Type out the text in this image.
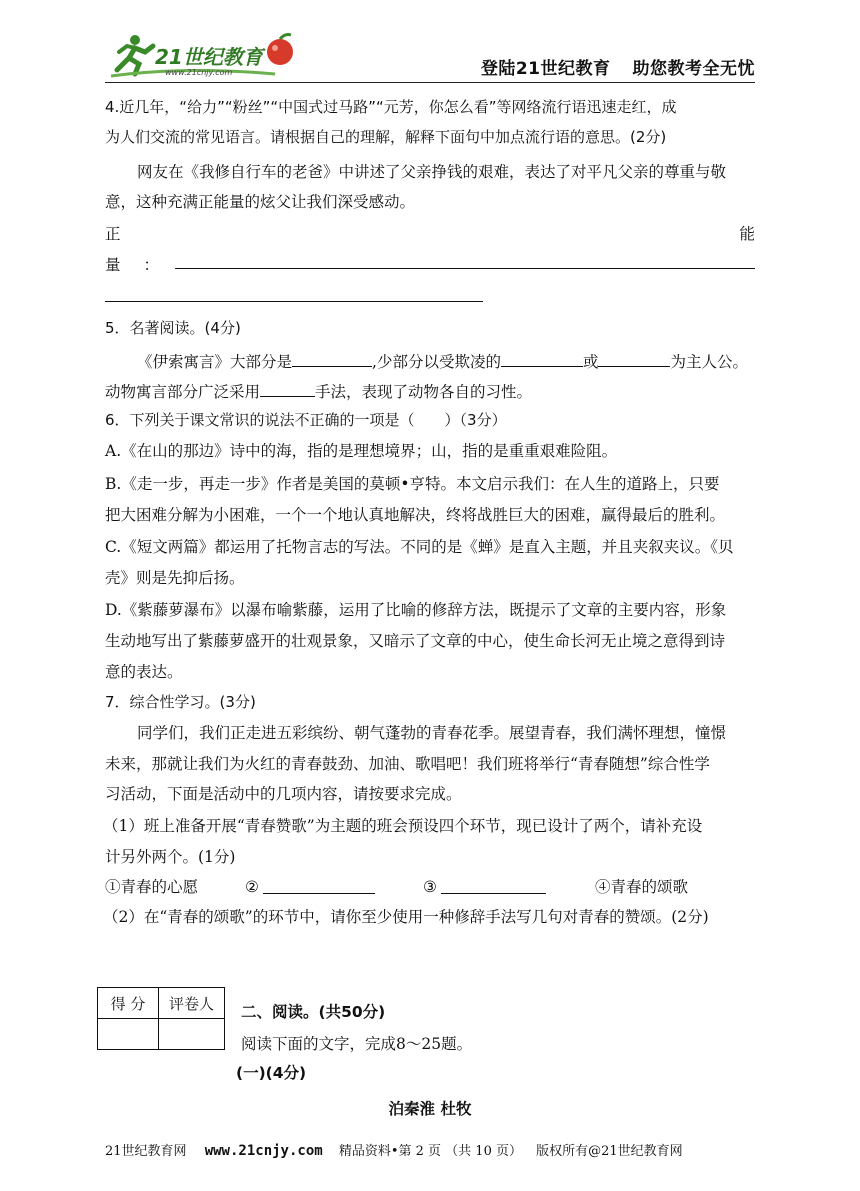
21世纪教育
www.21cnjy.com	登陆21世纪教育 助您教考全无忧
4.近几年，“给力”“粉丝”“中国式过马路”“元芳，你怎么看”等网络流行语迅速走红，成
为人们交流的常见语言。请根据自己的理解，解释下面句中加点流行语的意思。(2分)
网友在《我修自行车的老爸》中讲述了父亲挣钱的艰难，表达了对平凡父亲的尊重与敬
意，这种充满正能量的炫父让我们深受感动。
正	能
量 ：
5．名著阅读。(4分)
《伊索寓言》大部分是	,少部分以受欺凌的	或	为主人公。
动物寓言部分广泛采用	手法，表现了动物各自的习性。
6．下列关于课文常识的说法不正确的一项是（　　）（3分）
A.《在山的那边》诗中的海，指的是理想境界；山，指的是重重艰难险阻。
B.《走一步，再走一步》作者是美国的莫顿•亨特。本文启示我们：在人生的道路上，只要
把大困难分解为小困难，一个一个地认真地解决，终将战胜巨大的困难，赢得最后的胜利。
C.《短文两篇》都运用了托物言志的写法。不同的是《蝉》是直入主题，并且夹叙夹议。《贝
壳》则是先抑后扬。
D.《紫藤萝瀑布》以瀑布喻紫藤，运用了比喻的修辞方法，既提示了文章的主要内容，形象
生动地写出了紫藤萝盛开的壮观景象，又暗示了文章的中心，使生命长河无止境之意得到诗
意的表达。
7．综合性学习。(3分)
同学们，我们正走进五彩缤纷、朝气蓬勃的青春花季。展望青春，我们满怀理想，憧憬
未来，那就让我们为火红的青春鼓劲、加油、歌唱吧！我们班将举行“青春随想”综合性学
习活动，下面是活动中的几项内容，请按要求完成。
（1）班上准备开展“青春赞歌”为主题的班会预设四个环节，现已设计了两个，请补充设
计另外两个。(1分)
①青春的心愿	②	③	④青春的颂歌
（2）在“青春的颂歌”的环节中，请你至少使用一种修辞手法写几句对青春的赞颂。(2分)
得 分	评卷人
	二、阅读。(共50分)
阅读下面的文字，完成8～25题。
(一)(4分)
泊秦淮 杜牧
21世纪教育网 www.21cnjy.com 精品资料•第 2 页 （共 10 页） 版权所有@21世纪教育网
